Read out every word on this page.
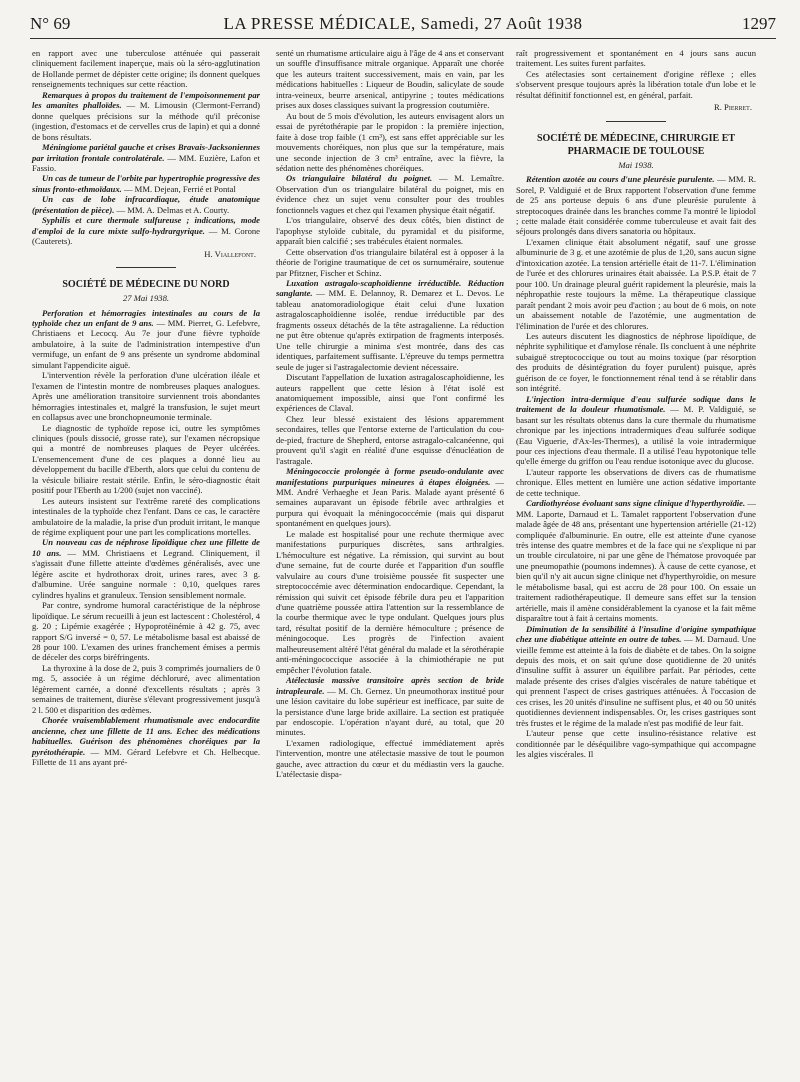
N° 69	LA PRESSE MÉDICALE, Samedi, 27 Août 1938	1297

en rapport avec une tuberculose atténuée qui passerait cliniquement facilement inaperçue, mais où la séro-agglutination de Hollande permet de dépister cette origine; ils donnent quelques renseignements techniques sur cette réaction.

Remarques à propos du traitement de l'empoisonnement par les amanites phalloïdes. — M. Limousin (Clermont-Ferrand) donne quelques précisions sur la méthode qu'il préconise (ingestion, d'estomacs et de cervelles crus de lapin) et qui a donné de bons résultats.

Méningiome pariétal gauche et crises Bravais-Jacksoniennes par irritation frontale controlatérale. — MM. Euzière, Lafon et Fassio.

Un cas de tumeur de l'orbite par hypertrophie progressive des sinus fronto-ethmoïdaux. — MM. Dejean, Ferrié et Pontal

Un cas de lobe infracardiaque, étude anatomique (présentation de pièce). — MM. A. Delmas et A. Courty.

Syphilis et cure thermale sulfureuse ; indications, mode d'emploi de la cure mixte sulfo-hydrargyrique. — M. Corone (Cauterets).

H. Viallefont.
SOCIÉTÉ DE MÉDECINE DU NORD
27 Mai 1938.

Perforation et hémorragies intestinales au cours de la typhoïde chez un enfant de 9 ans. — MM. Pierret, G. Lefebvre, Christiaens et Lecocq. Au 7e jour d'une fièvre typhoïde ambulatoire, à la suite de l'administration intempestive d'un vermifuge, un enfant de 9 ans présente un syndrome abdominal simulant l'appendicite aiguë.

L'intervention révèle la perforation d'une ulcération iléale et l'examen de l'intestin montre de nombreuses plaques analogues. Après une amélioration transitoire surviennent trois abondantes hémorragies intestinales et, malgré la transfusion, le sujet meurt en collapsus avec une bronchopneumonie terminale.

Le diagnostic de typhoïde repose ici, outre les symptômes cliniques (pouls dissocié, grosse rate), sur l'examen nécropsique qui a montré de nombreuses plaques de Peyer ulcérées. L'ensemencement d'une de ces plaques a donné lieu au développement du bacille d'Eberth, alors que celui du contenu de la vésicule biliaire restait stérile. Enfin, le séro-diagnostic était positif pour l'Eberth au 1/200 (sujet non vacciné).

Les auteurs insistent sur l'extrême rareté des complications intestinales de la typhoïde chez l'enfant. Dans ce cas, le caractère ambulatoire de la maladie, la prise d'un produit irritant, le manque de régime expliquent pour une part les complications mortelles.

Un nouveau cas de néphrose lipoïdique chez une fillette de 10 ans. — MM. Christiaens et Legrand. Cliniquement, il s'agissait d'une fillette atteinte d'œdèmes généralisés, avec une légère ascite et hydrothorax droit, urines rares, avec 3 g. d'albumine. Urée sanguine normale : 0,10, quelques rares cylindres hyalins et granuleux. Tension sensiblement normale.

Par contre, syndrome humoral caractéristique de la néphrose lipoïdique. Le sérum recueilli à jeun est lactescent : Cholestérol, 4 g. 20 ; Lipémie exagérée ; Hypoprotéinémie à 42 g. 75, avec rapport S/G inversé = 0, 57. Le métabolisme basal est abaissé de 28 pour 100. L'examen des urines franchement émises a permis de déceler des corps biréfringents.

La thyroxine à la dose de 2, puis 3 comprimés journaliers de 0 mg. 5, associée à un régime déchloruré, avec alimentation légèrement carnée, a donné d'excellents résultats ; après 3 semaines de traitement, diurèse s'élevant progressivement jusqu'à 2 l. 500 et disparition des œdèmes.

Chorée vraisemblablement rhumatismale avec endocardite ancienne, chez une fillette de 11 ans. Echec des médications habituelles. Guérison des phénomènes choréiques par la pyrétothérapie. — MM. Gérard Lefebvre et Ch. Helbecque. Fillette de 11 ans ayant pré-

senté un rhumatisme articulaire aigu à l'âge de 4 ans et conservant un souffle d'insuffisance mitrale organique. Apparaît une chorée que les auteurs traitent successivement, mais en vain, par les médications habituelles : Liqueur de Boudin, salicylate de soude intra-veineux, beurre arsenical, antipyrine ; toutes médications prises aux doses classiques suivant la progression coutumière.

Au bout de 5 mois d'évolution, les auteurs envisagent alors un essai de pyrétothérapie par le propidon : la première injection, faite à dose trop faible (1 cm³), est sans effet appréciable sur les mouvements choréiques, non plus que sur la température, mais une seconde injection de 3 cm³ entraîne, avec la fièvre, la sédation nette des phénomènes choréiques.

Os triangulaire bilatéral du poignet. — M. Lemaître. Observation d'un os triangulaire bilatéral du poignet, mis en évidence chez un sujet venu consulter pour des troubles fonctionnels vagues et chez qui l'examen physique était négatif.

L'os triangulaire, observé des deux côtés, bien distinct de l'apophyse styloïde cubitale, du pyramidal et du pisiforme, apparaît bien calcifié ; ses trabécules étaient normales.

Cette observation d'os triangulaire bilatéral est à opposer à la théorie de l'origine traumatique de cet os surnuméraire, soutenue par Pfitzner, Fischer et Schinz.

Luxation astragalo-scaphoïdienne irréductible. Réduction sanglante. — MM. E. Delannoy, R. Demarez et L. Devos. Le tableau anatomoradiologique était celui d'une luxation astragaloscaphoïdienne isolée, rendue irréductible par des fragments osseux détachés de la tête astragalienne. La réduction ne put être obtenue qu'après extirpation de fragments interposés. Une telle chirurgie a minima s'est montrée, dans des cas identiques, parfaitement suffisante. L'épreuve du temps permettra seule de juger si l'astragalectomie devient nécessaire.

Discutant l'appellation de luxation astragaloscaphoïdienne, les auteurs rappellent que cette lésion à l'état isolé est anatomiquement impossible, ainsi que l'ont confirmé les expériences de Claval.

Chez leur blessé existaient des lésions apparemment secondaires, telles que l'entorse externe de l'articulation du cou-de-pied, fracture de Shepherd, entorse astragalo-calcanéenne, qui prouvent qu'il s'agit en réalité d'une esquisse d'énucléation de l'astragale.

Méningococcie prolongée à forme pseudo-ondulante avec manifestations purpuriques mineures à étapes éloignées. — MM. André Verhaeghe et Jean Paris. Malade ayant présenté 6 semaines auparavant un épisode fébrile avec arthralgies et purpura qui évoquait la méningococcémie (mais qui disparut spontanément en quelques jours).

Le malade est hospitalisé pour une rechute thermique avec manifestations purpuriques discrètes, sans arthralgies. L'hémoculture est négative. La rémission, qui survint au bout d'une semaine, fut de courte durée et l'apparition d'un souffle valvulaire au cours d'une troisième poussée fit suspecter une streptococcémie avec détermination endocardique. Cependant, la rémission qui suivit cet épisode fébrile dura peu et l'apparition d'une quatrième poussée attira l'attention sur la ressemblance de la courbe thermique avec le type ondulant. Quelques jours plus tard, résultat positif de la dernière hémoculture ; présence de méningocoque. Les progrès de l'infection avaient malheureusement altéré l'état général du malade et la sérothérapie anti-méningococcique associée à la chimiothérapie ne put empêcher l'évolution fatale.

Atélectasie massive transitoire après section de bride intrapleurale. — M. Ch. Gernez. Un pneumothorax institué pour une lésion cavitaire du lobe supérieur est inefficace, par suite de la persistance d'une large bride axillaire. La section est pratiquée par endoscopie. L'opération n'ayant duré, au total, que 20 minutes.

L'examen radiologique, effectué immédiatement après l'intervention, montre une atélectasie massive de tout le poumon gauche, avec attraction du cœur et du médiastin vers la gauche. L'atélectasie dispa-

raît progressivement et spontanément en 4 jours sans aucun traitement. Les suites furent parfaites.

Ces atélectasies sont certainement d'origine réflexe ; elles s'observent presque toujours après la libération totale d'un lobe et le résultat définitif fonctionnel est, en général, parfait.

R. Pierret.
SOCIÉTÉ DE MÉDECINE, CHIRURGIE ET PHARMACIE DE TOULOUSE
Mai 1938.

Rétention azotée au cours d'une pleurésie purulente. — MM. R. Sorel, P. Valdiguié et de Brux rapportent l'observation d'une femme de 25 ans porteuse depuis 6 ans d'une pleurésie purulente à streptocoques drainée dans les branches comme l'a montré le lipiodol ; cette malade était considérée comme tuberculeuse et avait fait des séjours prolongés dans divers sanatoria ou hôpitaux.

L'examen clinique était absolument négatif, sauf une grosse albuminurie de 3 g. et une azotémie de plus de 1,20, sans aucun signe d'intoxication azotée. La tension artérielle était de 11-7. L'élimination de l'urée et des chlorures urinaires était abaissée. La P.S.P. était de 7 pour 100. Un drainage pleural guérit rapidement la pleurésie, mais la néphropathie reste toujours la même. La thérapeutique classique paraît pendant 2 mois avoir peu d'action ; au bout de 6 mois, on note un abaissement notable de l'azotémie, une augmentation de l'élimination de l'urée et des chlorures.

Les auteurs discutent les diagnostics de néphrose lipoïdique, de néphrite syphilitique et d'amylose rénale. Ils concluent à une néphrite subaiguë streptococcique ou tout au moins toxique (par résorption des produits de désintégration du foyer purulent) puisque, après guérison de ce foyer, le fonctionnement rénal tend à se rétablir dans son intégrité.

L'injection intra-dermique d'eau sulfurée sodique dans le traitement de la douleur rhumatismale. — M. P. Valdiguié, se basant sur les résultats obtenus dans la cure thermale du rhumatisme chronique par les injections intradermiques d'eau sulfurée sodique (Eau Viguerie, d'Ax-les-Thermes), a utilisé la voie intradermique pour ces injections d'eau thermale. Il a utilisé l'eau hypotonique telle qu'elle émerge du griffon ou l'eau rendue isotonique avec du glucose.

L'auteur rapporte les observations de divers cas de rhumatisme chronique. Elles mettent en lumière une action sédative importante de cette technique.

Cardiothyréose évoluant sans signe clinique d'hyperthyroïdie. — MM. Laporte, Darnaud et L. Tamalet rapportent l'observation d'une malade âgée de 48 ans, présentant une hypertension artérielle (21-12) compliquée d'albuminurie. En outre, elle est atteinte d'une cyanose très intense des quatre membres et de la face qui ne s'explique ni par un trouble circulatoire, ni par une gêne de l'hématose provoquée par une pneumopathie (poumons indemnes). À cause de cette cyanose, et bien qu'il n'y ait aucun signe clinique net d'hyperthyroïdie, on mesure le métabolisme basal, qui est accru de 28 pour 100. On essaie un traitement radiothérapeutique. Il demeure sans effet sur la tension artérielle, mais il amène considérablement la cyanose et la fait même disparaître tout à fait à certains moments.

Diminution de la sensibilité à l'insuline d'origine sympathique chez une diabétique atteinte en outre de tabes. — M. Darnaud. Une vieille femme est atteinte à la fois de diabète et de tabes. On la soigne depuis des mois, et on sait qu'une dose quotidienne de 20 unités d'insuline suffit à assurer un équilibre parfait. Par périodes, cette malade présente des crises d'algies viscérales de nature tabétique et qui prennent l'aspect de crises gastriques atténuées. À l'occasion de ces crises, les 20 unités d'insuline ne suffisent plus, et 40 ou 50 unités quotidiennes deviennent indispensables. Or, les crises gastriques sont très frustes et le régime de la malade n'est pas modifié de leur fait.

L'auteur pense que cette insulino-résistance relative est conditionnée par le déséquilibre vago-sympathique qui accompagne les algies viscérales. Il
